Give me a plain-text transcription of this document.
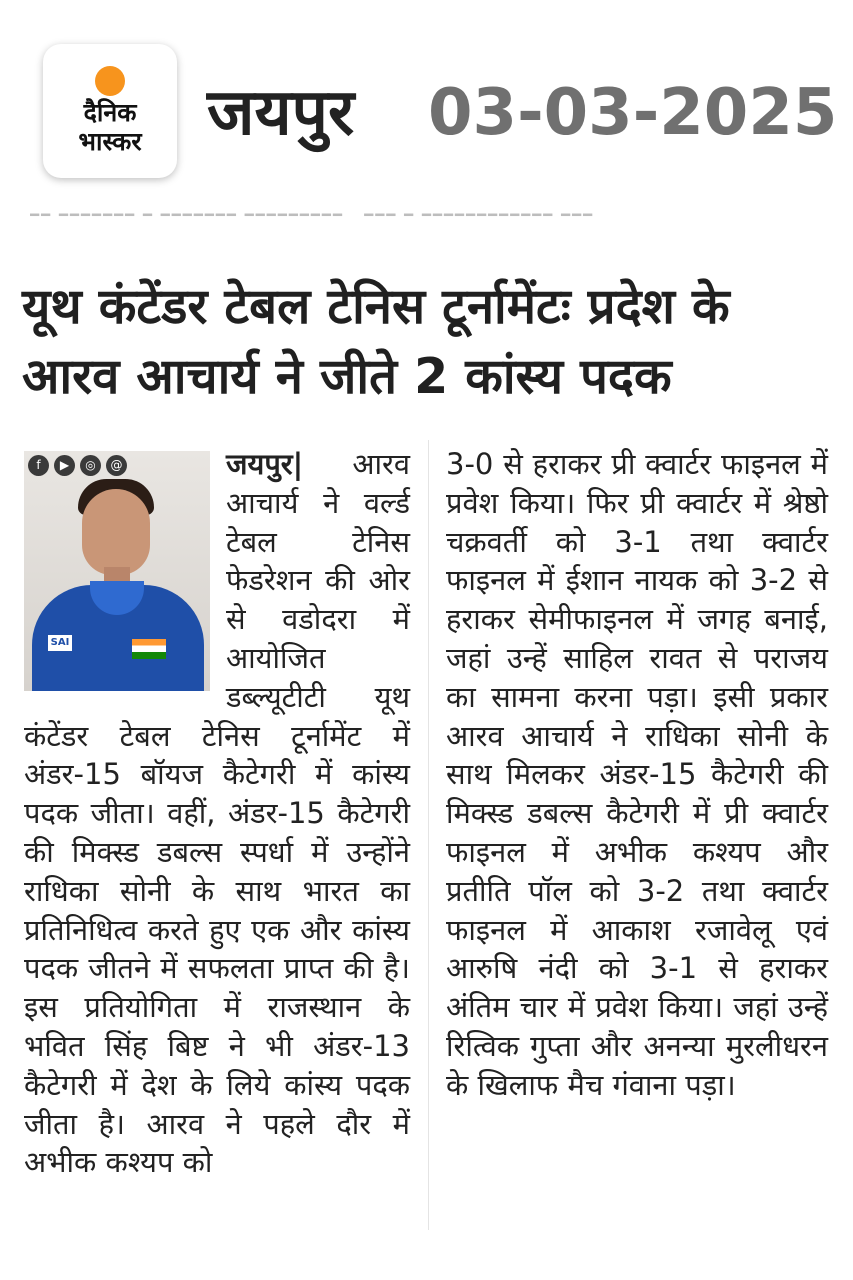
दैनिक
भास्कर जयपुर 03-03-2025
━━ ━━━━━━━ ━ ━━━━━━━ ━━━━━━━━━   ━━━ ━ ━━━━━━━━━━━━ ━━━
यूथ कंटेंडर टेबल टेनिस टूर्नामेंटः प्रदेश के आरव आचार्य ने जीते 2 कांस्य पदक

जयपुर|
f	▶	◎	@
SAI
आरव आचार्य ने वर्ल्ड टेबल टेनिस फेडरेशन की ओर से वडोदरा में आयोजित डब्ल्यूटीटी यूथ कंटेंडर टेबल टेनिस टूर्नामेंट में अंडर-15 बॉयज कैटेगरी में कांस्य पदक जीता। वहीं, अंडर-15 कैटेगरी की मिक्स्ड डबल्स स्पर्धा में उन्होंने राधिका सोनी के साथ भारत का प्रतिनिधित्व करते हुए एक और कांस्य पदक जीतने में सफलता प्राप्त की है। इस प्रतियोगिता में राजस्थान के भवित सिंह बिष्ट ने भी अंडर-13 कैटेगरी में देश के लिये कांस्य पदक जीता है। आरव ने पहले दौर में अभीक कश्यप को

3-0 से हराकर प्री क्वार्टर फाइनल में प्रवेश किया। फिर प्री क्वार्टर में श्रेष्ठो चक्रवर्ती को 3-1 तथा क्वार्टर फाइनल में ईशान नायक को 3-2 से हराकर सेमीफाइनल में जगह बनाई, जहां उन्हें साहिल रावत से पराजय का सामना करना पड़ा। इसी प्रकार आरव आचार्य ने राधिका सोनी के साथ मिलकर अंडर-15 कैटेगरी की मिक्स्ड डबल्स कैटेगरी में प्री क्वार्टर फाइनल में अभीक कश्यप और प्रतीति पॉल को 3-2 तथा क्वार्टर फाइनल में आकाश रजावेलू एवं आरुषि नंदी को 3-1 से हराकर अंतिम चार में प्रवेश किया। जहां उन्हें रित्विक गुप्ता और अनन्या मुरलीधरन के खिलाफ मैच गंवाना पड़ा।
